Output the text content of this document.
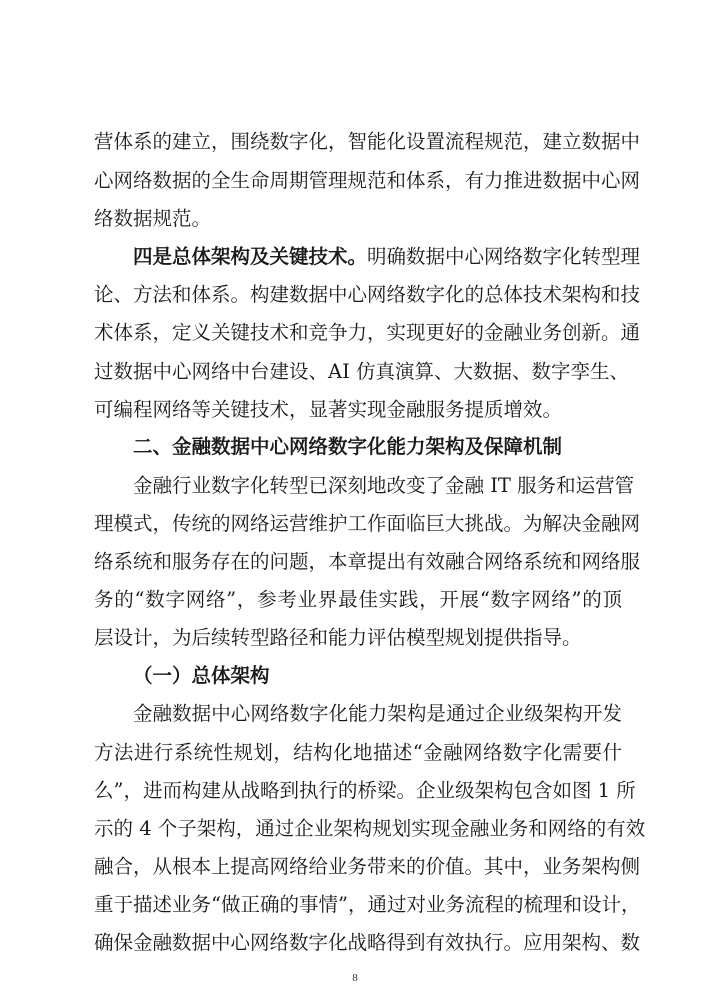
营体系的建立，围绕数字化，智能化设置流程规范，建立数据中
心网络数据的全生命周期管理规范和体系，有力推进数据中心网
络数据规范。
四是总体架构及关键技术。明确数据中心网络数字化转型理
论、方法和体系。构建数据中心网络数字化的总体技术架构和技
术体系，定义关键技术和竞争力，实现更好的金融业务创新。通
过数据中心网络中台建设、AI 仿真演算、大数据、数字孪生、
可编程网络等关键技术，显著实现金融服务提质增效。
二、金融数据中心网络数字化能力架构及保障机制
金融行业数字化转型已深刻地改变了金融 IT 服务和运营管
理模式，传统的网络运营维护工作面临巨大挑战。为解决金融网
络系统和服务存在的问题，本章提出有效融合网络系统和网络服
务的“数字网络”，参考业界最佳实践，开展“数字网络”的顶
层设计，为后续转型路径和能力评估模型规划提供指导。
（一）总体架构
金融数据中心网络数字化能力架构是通过企业级架构开发
方法进行系统性规划，结构化地描述“金融网络数字化需要什
么”，进而构建从战略到执行的桥梁。企业级架构包含如图 1 所
示的 4 个子架构，通过企业架构规划实现金融业务和网络的有效
融合，从根本上提高网络给业务带来的价值。其中，业务架构侧
重于描述业务“做正确的事情”，通过对业务流程的梳理和设计，
确保金融数据中心网络数字化战略得到有效执行。应用架构、数
8
